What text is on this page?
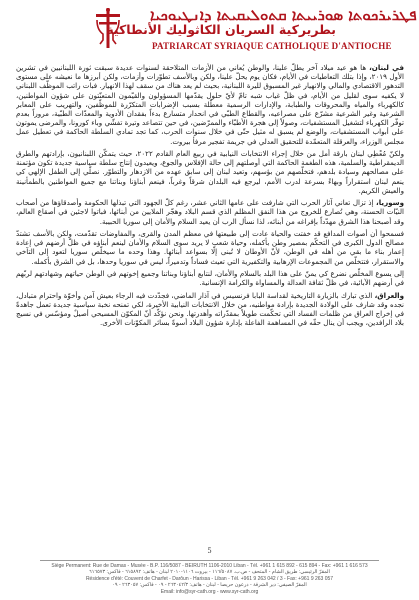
ܦܛܪܝܪܟܘܬܐ ܣܘܪܝܝܬܐ ܩܬܘܠܝܩܝܬܐ ܕܐܢܛܝܘܟܝܐ
بطريركية السريان الكاثوليك الأنطاكية
PATRIARCAT SYRIAQUE CATHOLIQUE D'ANTIOCHE

في لبنان، ها هو عيد ميلاد آخر يطلّ علينا، والوطن يُعاني من الأزمات المتلاحقة لسنوات عديدة سبقت ثورة اللبنانيين في تشرين الأول ٢٠١٩، وإذا بتلك التعاطيات في الأيام، فكان يوم يحلّ علينا، ولكن وبالأسف تطوّرات وأزمات، ولكن أبرزها ما نعيشه على مستوى التدهور الاقتصادي والمالي والانهيار غير المسبوق لليرة اللبنانية، بحيث لم يعد هناك من سقف لهذا الانهيار. فبات راتب الموظّف اللبناني لا يكفيه سوى لقليل من الأيام، في ظلّ غياب شبه تامّ لأيّ حلول يقدّمها المسؤولون والقيّمون المتعنّتون على شؤون المواطنين، كالكهرباء والمياه والمحروقات والطبابة، والإدارات الرسمية معطّلة بسبب الإضرابات المتكرّرة للموظّفين، والتهريب على المعابر الشرعية وغير الشرعية مشرّع على مصراعيه، والقطاع الطبّي في انحدار متسارع بدءاً بفقدان الأدوية والمعدّات الطبّية، مروراً بعدم توفّر الكهرباء لتشغيل المستشفيات، وصولاً إلى هجرة الأطبّاء والممرّضين، في حين تتصاعد وتيرة تفشّي وباء كورونا، والمرضى يموتون على أبواب المستشفيات، والوضع لم يسبق له مثيل حتّى في خلال سنوات الحرب، كما تجد تمادي السلطة الحاكمة في تعطيل عمل مجلس الوزراء، والعرقلة المتعمّدة للتحقيق العدلي في جريمة تفجير مرفأ بيروت.

ولكنّ مُعْطِي لبنان بارقة أمل من خلال إجراء الانتخابات النيابية في ربيع العام القادم ٢٠٢٢، حيث يتمكّن اللبنانيون، بإرادتهم والطرق الديمقراطية والسلمية، هذه الطغمة الحاكمة التي أوصلتهم إلى حالة الإفلاس والجوع، ويعيدون إنتاج سلطة سياسية جديدة تكون مؤتمنة على مصالحهم وسيادة بلدهم، فتخلّصهم من بؤسهم، وتعيد لبنان إلى سابق عهده من الازدهار والتطوّر. نصلّي إلى الطفل الإلهي كي ينعم لبنان استقراراً وبهاءً بسرعة لدرب الأمم، ليرجع فيه البلدان شرقاً وغرباً، فينعم أبناؤنا وبناتنا مع جميع المواطنين بالطمأنينة والعيش الكريم.

وسوريا، إذ تزال تعاني آثار الحرب التي شارفت على عامها الثاني عشر، رغم كلّ الجهود التي تبذلها الحكومة وأصدقاؤها من أصحاب النيّات الحسنة، وهي تُصارع للخروج من هذا النفق المظلم الذي قسم البلاد وهجّر الملايين من أبنائها، فباتوا لاجئين في أصقاع العالم، وقد أصبحنا هذا الشرق مهدّداً بإفراغه من أبنائه، لذا نسأل الرب أن يعيد السلام والأمان إلى سوريا الحبيبة.

فسمحوا أن أصوات المدافع قد خفتت والحياة عادت إلى طبيعتها في معظم المدن والقرى، والمفاوضات تقدّمت، ولكن بالأسف تشتدّ مصالح الدول الكبرى في التحكّم بمصير وطن بأكمله، وحياة شعب لا يريد سوى السلام والأمان لينعم أبناؤه في ظلّ أرضهم في إعادة إعمار بناء ما بقي من أهله في الوطن، لأنّ الأوطان لا تُبنى إلّا بسواعد أبنائها. وهذا وحده ما سيخلّص سوريا لتعود إلى التآخي والاستقرار، فتتخلّص من المجموعات الإرهابية والتكفيرية التي تعيث فساداً وتدميراً، ليس في سوريا وحدها، بل في الشرق بأكمله.

إلى يسوع المخلّص نضرع كي يمنّ على هذا البلد بالسلام والأمان، لنتابع أبناؤنا وبناتنا وجميع إخوتهم في الوطن حياتهم وشهادتهم لربّهم في أرضهم الآبائية، في ظلّ ثقافة العدالة والمساواة والكرامة الإنسانية.

والعراق، الذي تبارك بالزيارة التاريخية لقداسة البابا فرنسيس في آذار الماضي، فجدّدت فيه الرجاء بعيش آمن وأخوّة واحترام متبادل، نجده وقد شارف على الولادة الجديدة بإرادة مواطنيه، من خلال الانتخابات النيابية الأخيرة، لكي تمنحه نخبة سياسية جديدة تعمل جاهدةً في إخراج العراق من ظلمات الفساد التي تحكّمت طويلاً بمقدّراته وأهدرتها. ونحن نؤكّد أنّ المكوّن المسيحي أصيلٌ ومؤسّس في نسيج بلاد الرافدين، ويجب أن ينال حقّه في المساهمة الفاعلة بإدارة شؤون البلاد أسوةً بسائر المكوّنات الأخرى.

5
Siège Permanent: Rue de Damas - Musée - B.P. 116/5087 - BEIRUTH 1106-2010 Liban - Tél. +961 1 615 892 - 615 894 - Fax: +961 1 616 573
المقرّ الرئيسي: طريق الشام - المتحف - ص.ب. ١١٦/٥٠٨٧ - بيروت ١١٠٦-٢٠١٠ لبنان - هاتف: ٦١٥٨٩٢ - فاكس: ٦١٦٥٧٣
Résidence d'été: Couvent de Charfet - Darôun - Harissa - Liban - Tél. +961 9 263 042 / 3 - Fax: +961 9 263 057
المقرّ الصيفي: دير الشرفة - درعون حريصا - لبنان - هاتف: ٢٦٣٠٤٢/٣ - ٠٩ - فاكس: ٢٦٣٠٥٧ - ٠٩
Email: info@syr-cath.org - www.syr-cath.org
